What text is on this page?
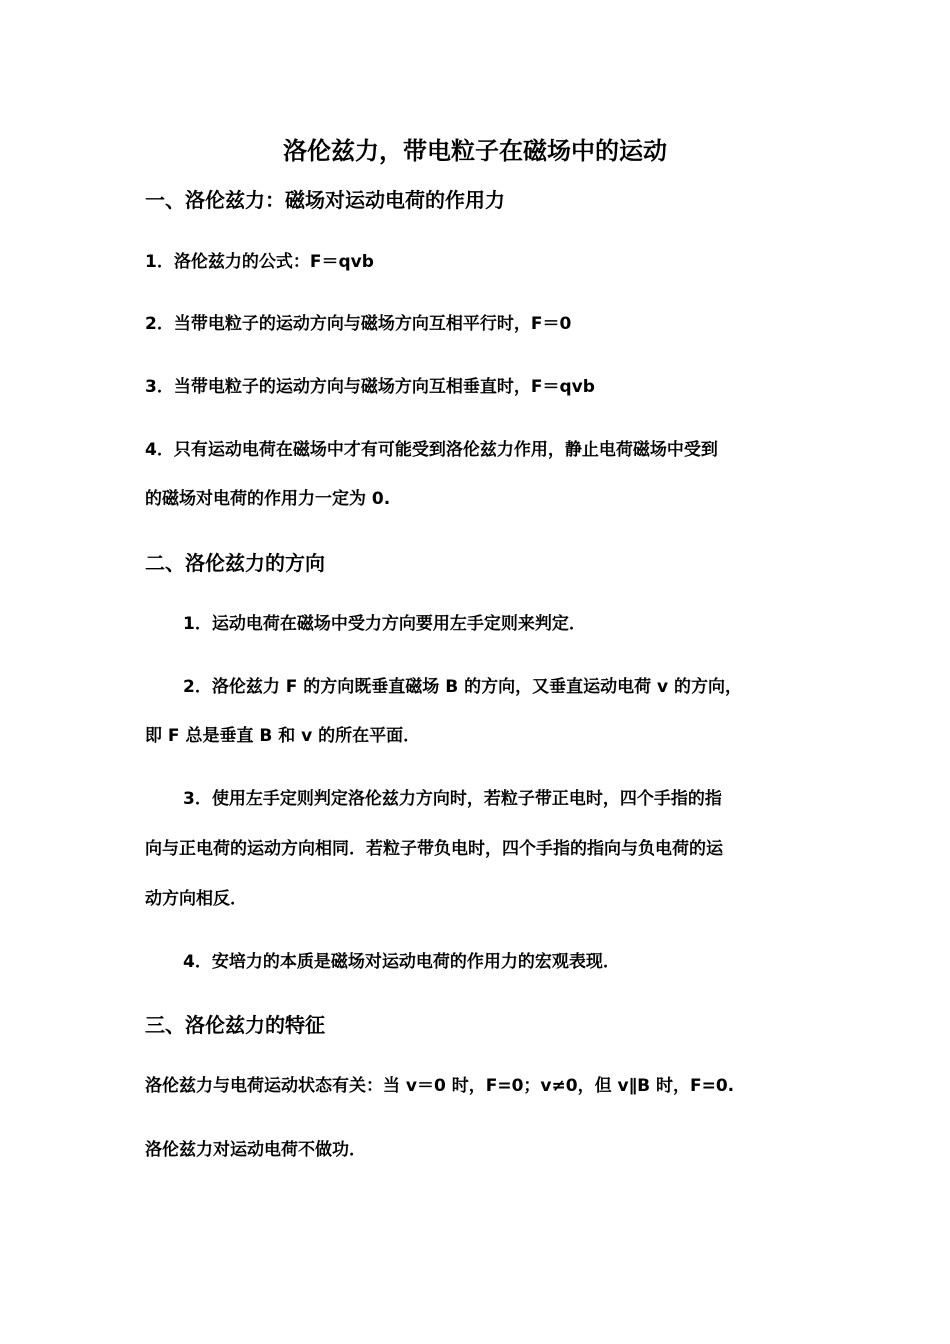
洛伦兹力，带电粒子在磁场中的运动
一、洛伦兹力：磁场对运动电荷的作用力
1．洛伦兹力的公式：F＝qvb
2．当带电粒子的运动方向与磁场方向互相平行时，F＝0
3．当带电粒子的运动方向与磁场方向互相垂直时，F＝qvb
4．只有运动电荷在磁场中才有可能受到洛伦兹力作用，静止电荷磁场中受到
的磁场对电荷的作用力一定为 0.
二、洛伦兹力的方向
1．运动电荷在磁场中受力方向要用左手定则来判定．
2．洛伦兹力 F 的方向既垂直磁场 B 的方向，又垂直运动电荷 v 的方向，
即 F 总是垂直 B 和 v 的所在平面．
3．使用左手定则判定洛伦兹力方向时，若粒子带正电时，四个手指的指
向与正电荷的运动方向相同．若粒子带负电时，四个手指的指向与负电荷的运
动方向相反．
4．安培力的本质是磁场对运动电荷的作用力的宏观表现．
三、洛伦兹力的特征
洛伦兹力与电荷运动状态有关：当 v＝0 时，F=0；v≠0，但 v∥B 时，F=0.
洛伦兹力对运动电荷不做功．
